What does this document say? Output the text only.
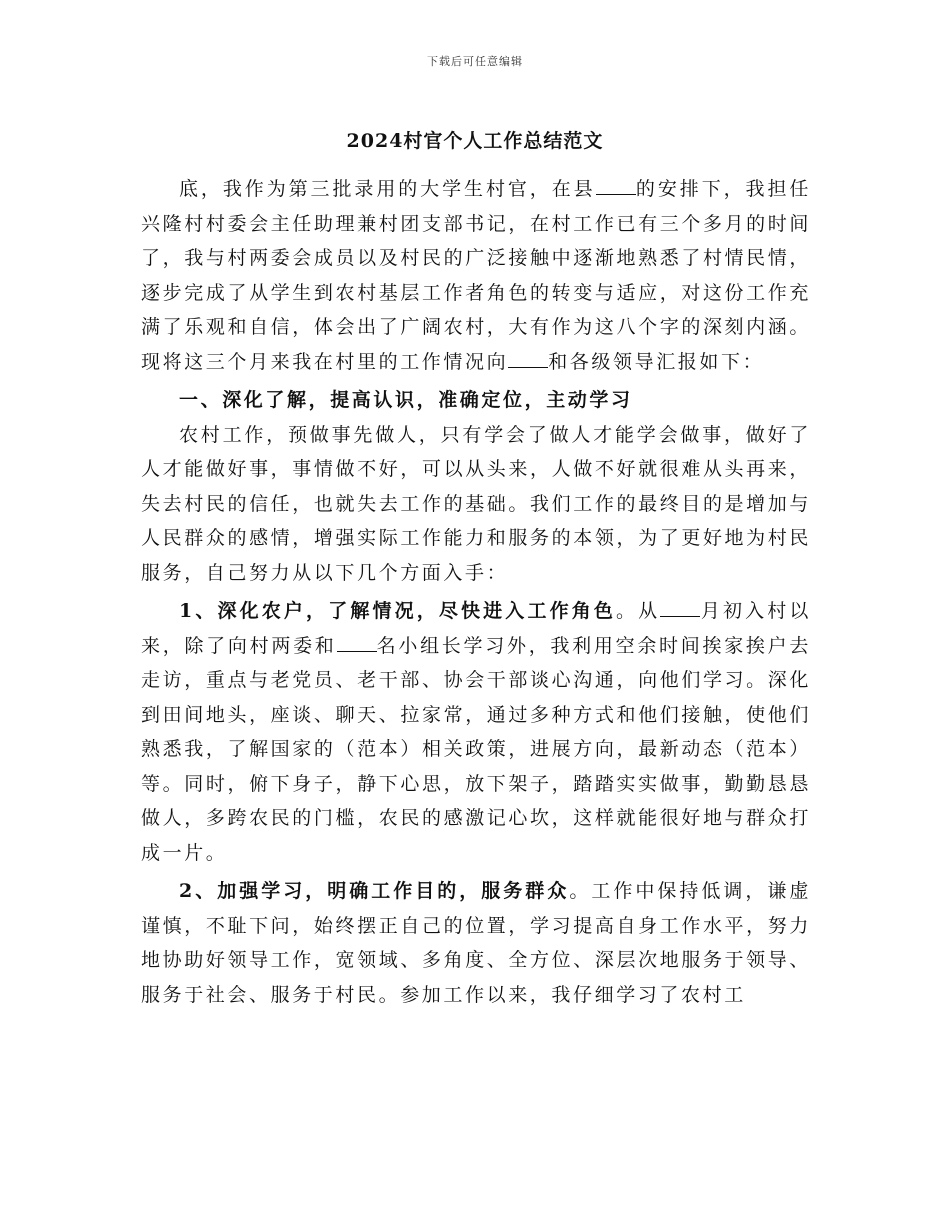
下载后可任意编辑
2024村官个人工作总结范文

底，我作为第三批录用的大学生村官，在县 的安排下，我担任兴隆村村委会主任助理兼村团支部书记，在村工作已有三个多月的时间了，我与村两委会成员以及村民的广泛接触中逐渐地熟悉了村情民情，逐步完成了从学生到农村基层工作者角色的转变与适应，对这份工作充满了乐观和自信，体会出了广阔农村，大有作为这八个字的深刻内涵。现将这三个月来我在村里的工作情况向 和各级领导汇报如下：

一、深化了解，提高认识，准确定位，主动学习

农村工作，预做事先做人，只有学会了做人才能学会做事，做好了人才能做好事，事情做不好，可以从头来，人做不好就很难从头再来，失去村民的信任，也就失去工作的基础。我们工作的最终目的是增加与人民群众的感情，增强实际工作能力和服务的本领，为了更好地为村民服务，自己努力从以下几个方面入手：

1、深化农户，了解情况，尽快进入工作角色。从 月初入村以来，除了向村两委和 名小组长学习外，我利用空余时间挨家挨户去走访，重点与老党员、老干部、协会干部谈心沟通，向他们学习。深化到田间地头，座谈、聊天、拉家常，通过多种方式和他们接触，使他们熟悉我，了解国家的（范本）相关政策，进展方向，最新动态（范本）等。同时，俯下身子，静下心思，放下架子，踏踏实实做事，勤勤恳恳做人，多跨农民的门槛，农民的感激记心坎，这样就能很好地与群众打成一片。

2、加强学习，明确工作目的，服务群众。工作中保持低调，谦虚谨慎，不耻下问，始终摆正自己的位置，学习提高自身工作水平，努力地协助好领导工作，宽领域、多角度、全方位、深层次地服务于领导、服务于社会、服务于村民。参加工作以来，我仔细学习了农村工
